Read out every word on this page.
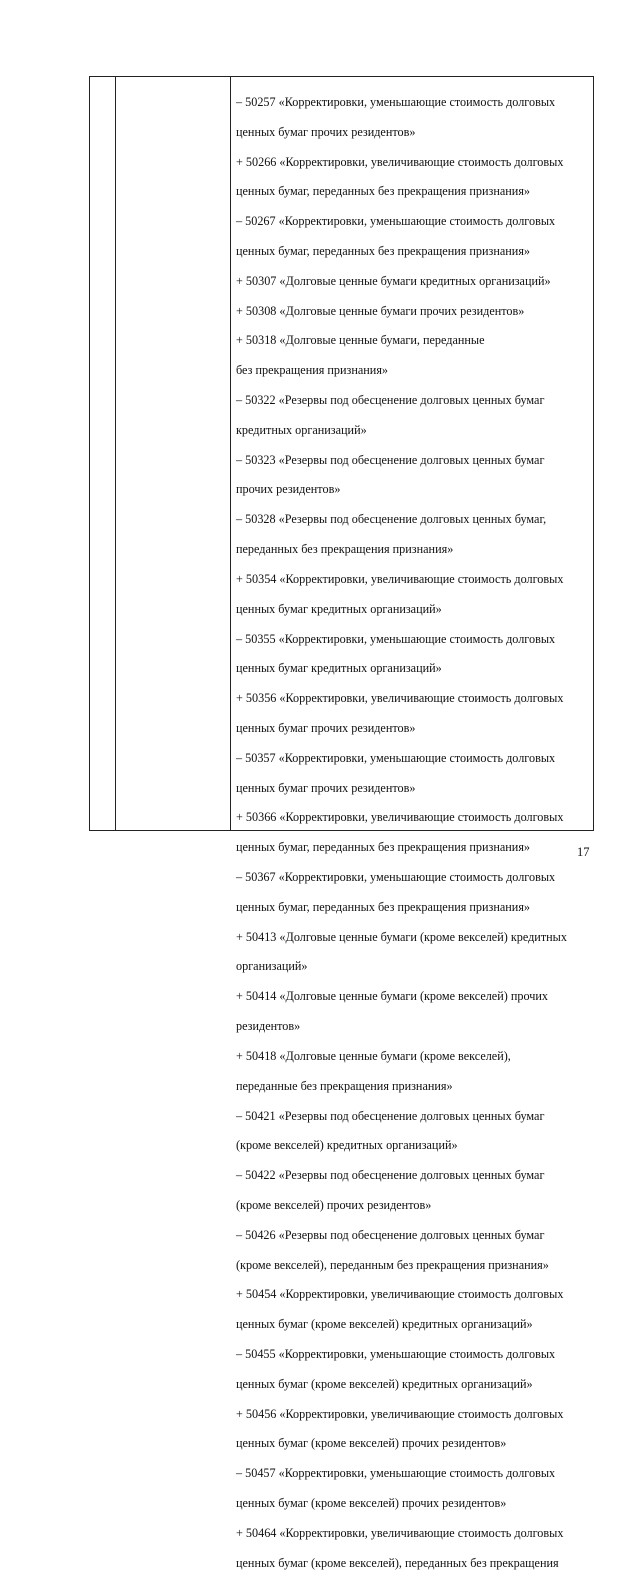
– 50257 «Корректировки, уменьшающие стоимость долговых

ценных бумаг прочих резидентов»

+ 50266 «Корректировки, увеличивающие стоимость долговых

ценных бумаг, переданных без прекращения признания»

– 50267 «Корректировки, уменьшающие стоимость долговых

ценных бумаг, переданных без прекращения признания»

+ 50307 «Долговые ценные бумаги кредитных организаций»

+ 50308 «Долговые ценные бумаги прочих резидентов»

+ 50318 «Долговые ценные бумаги, переданные

без прекращения признания»

– 50322 «Резервы под обесценение долговых ценных бумаг

кредитных организаций»

– 50323 «Резервы под обесценение долговых ценных бумаг

прочих резидентов»

– 50328 «Резервы под обесценение долговых ценных бумаг,

переданных без прекращения признания»

+ 50354 «Корректировки, увеличивающие стоимость долговых

ценных бумаг кредитных организаций»

– 50355 «Корректировки, уменьшающие стоимость долговых

ценных бумаг кредитных организаций»

+ 50356 «Корректировки, увеличивающие стоимость долговых

ценных бумаг прочих резидентов»

– 50357 «Корректировки, уменьшающие стоимость долговых

ценных бумаг прочих резидентов»

+ 50366 «Корректировки, увеличивающие стоимость долговых

ценных бумаг, переданных без прекращения признания»

– 50367 «Корректировки, уменьшающие стоимость долговых

ценных бумаг, переданных без прекращения признания»

+ 50413 «Долговые ценные бумаги (кроме векселей) кредитных

организаций»

+ 50414 «Долговые ценные бумаги (кроме векселей) прочих

резидентов»

+ 50418 «Долговые ценные бумаги (кроме векселей),

переданные без прекращения признания»

– 50421 «Резервы под обесценение долговых ценных бумаг

(кроме векселей) кредитных организаций»

– 50422 «Резервы под обесценение долговых ценных бумаг

(кроме векселей) прочих резидентов»

– 50426 «Резервы под обесценение долговых ценных бумаг

(кроме векселей), переданным без прекращения признания»

+ 50454 «Корректировки, увеличивающие стоимость долговых

ценных бумаг (кроме векселей) кредитных организаций»

– 50455 «Корректировки, уменьшающие стоимость долговых

ценных бумаг (кроме векселей) кредитных организаций»

+ 50456 «Корректировки, увеличивающие стоимость долговых

ценных бумаг (кроме векселей) прочих резидентов»

– 50457 «Корректировки, уменьшающие стоимость долговых

ценных бумаг (кроме векселей) прочих резидентов»

+ 50464 «Корректировки, увеличивающие стоимость долговых

ценных бумаг (кроме векселей), переданных без прекращения

17
